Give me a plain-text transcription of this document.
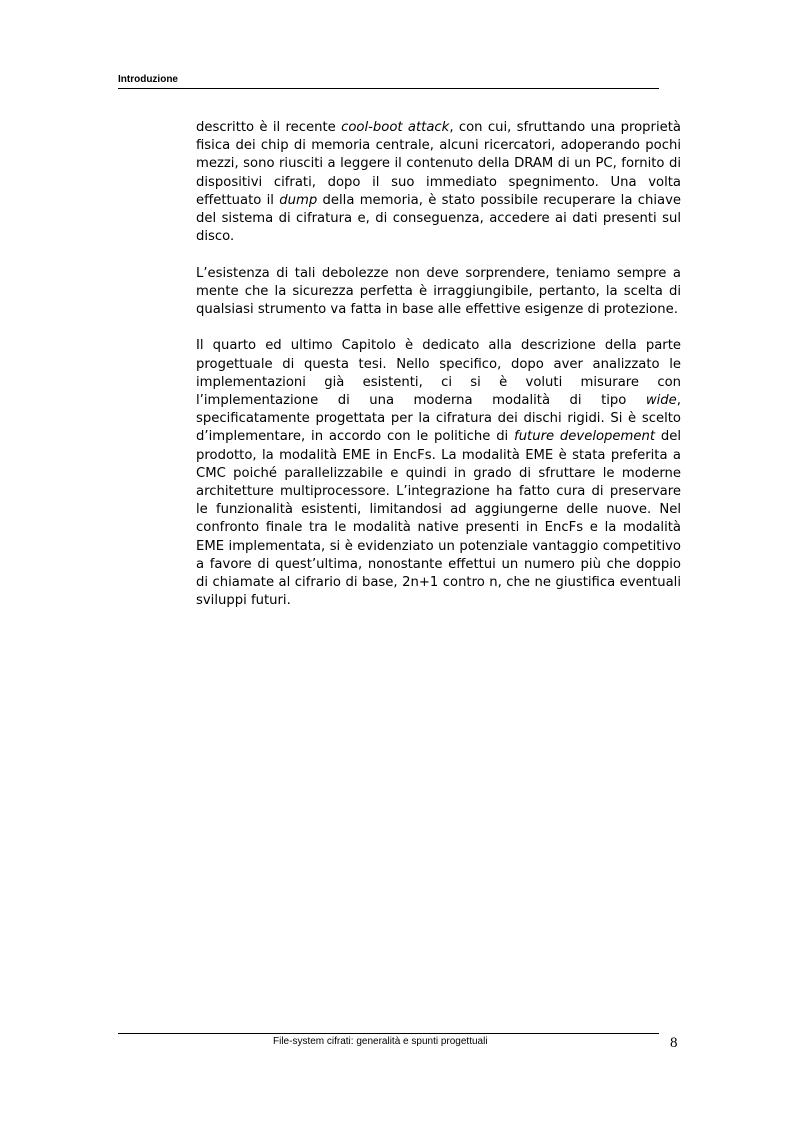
Introduzione

descritto è il recente cool-boot attack, con cui, sfruttando una proprietà fisica dei chip di memoria centrale, alcuni ricercatori, adoperando pochi mezzi, sono riusciti a leggere il contenuto della DRAM di un PC, fornito di dispositivi cifrati, dopo il suo immediato spegnimento. Una volta effettuato il dump della memoria, è stato possibile recuperare la chiave del sistema di cifratura e, di conseguenza, accedere ai dati presenti sul disco.

L’esistenza di tali debolezze non deve sorprendere, teniamo sempre a mente che la sicurezza perfetta è irraggiungibile, pertanto, la scelta di qualsiasi strumento va fatta in base alle effettive esigenze di protezione.

Il quarto ed ultimo Capitolo è dedicato alla descrizione della parte progettuale di questa tesi. Nello specifico, dopo aver analizzato le implementazioni già esistenti, ci si è voluti misurare con l’implementazione di una moderna modalità di tipo wide, specificatamente progettata per la cifratura dei dischi rigidi. Si è scelto d’implementare, in accordo con le politiche di future developement del prodotto, la modalità EME in EncFs. La modalità EME è stata preferita a CMC poiché parallelizzabile e quindi in grado di sfruttare le moderne architetture multiprocessore. L’integrazione ha fatto cura di preservare le funzionalità esistenti, limitandosi ad aggiungerne delle nuove. Nel confronto finale tra le modalità native presenti in EncFs e la modalità EME implementata, si è evidenziato un potenziale vantaggio competitivo a favore di quest’ultima, nonostante effettui un numero più che doppio di chiamate al cifrario di base, 2n+1 contro n, che ne giustifica eventuali sviluppi futuri.

File-system cifrati: generalità e spunti progettuali	8
